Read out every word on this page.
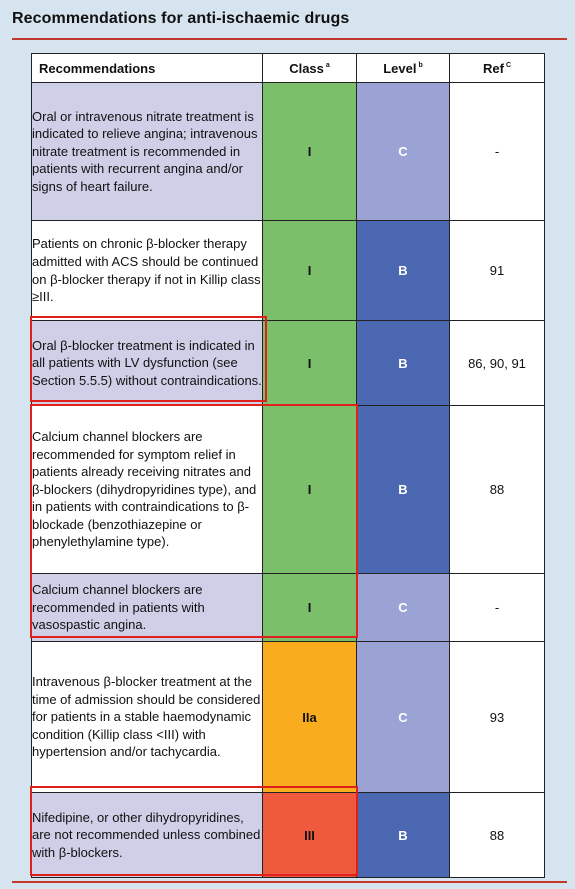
Recommendations for anti-ischaemic drugs
Recommendations	Class $^a$	Level $^b$	Ref $^C$
Oral or intravenous nitrate treatment is indicated to relieve angina; intravenous nitrate treatment is recommended in patients with recurrent angina and/or signs of heart failure.	I	C	-
Patients on chronic β-blocker therapy admitted with ACS should be continued on β-blocker therapy if not in Killip class ≥III.	I	B	91
Oral β-blocker treatment is indicated in all patients with LV dysfunction (see Section 5.5.5) without contraindications.	I	B	86, 90, 91
Calcium channel blockers are recommended for symptom relief in patients already receiving nitrates and β-blockers (dihydropyridines type), and in patients with contraindications to β-blockade (benzothiazepine or phenylethylamine type).	I	B	88
Calcium channel blockers are recommended in patients with vasospastic angina.	I	C	-
Intravenous β-blocker treatment at the time of admission should be considered for patients in a stable haemodynamic condition (Killip class <III) with hypertension and/or tachycardia.	IIa	C	93
Nifedipine, or other dihydropyridines, are not recommended unless combined with β-blockers.	III	B	88
